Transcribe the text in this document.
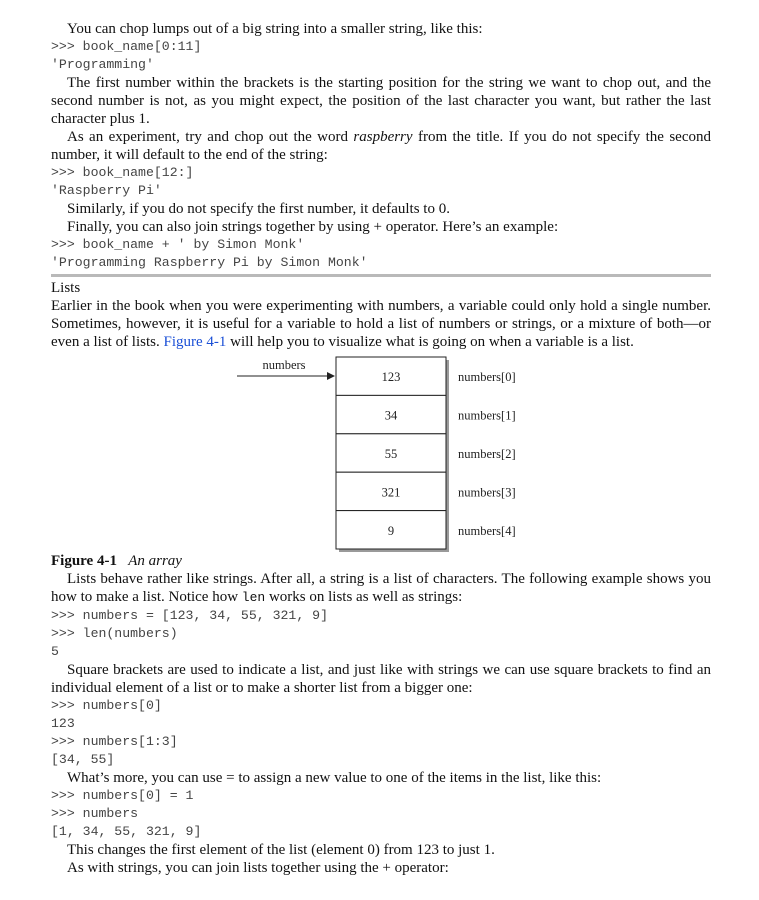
You can chop lumps out of a big string into a smaller string, like this:

>>> book_name[0:11]
'Programming'

The first number within the brackets is the starting position for the string we want to chop out, and the second number is not, as you might expect, the position of the last character you want, but rather the last character plus 1.

As an experiment, try and chop out the word raspberry from the title. If you do not specify the second number, it will default to the end of the string:

>>> book_name[12:]
'Raspberry Pi'

Similarly, if you do not specify the first number, it defaults to 0.

Finally, you can also join strings together by using + operator. Here’s an example:

>>> book_name + ' by Simon Monk'
'Programming Raspberry Pi by Simon Monk'
Lists

Earlier in the book when you were experimenting with numbers, a variable could only hold a single number. Sometimes, however, it is useful for a variable to hold a list of numbers or strings, or a mixture of both—or even a list of lists. Figure 4-1 will help you to visualize what is going on when a variable is a list.

123	numbers[0]
34	numbers[1]
55	numbers[2]
321	numbers[3]
9	numbers[4]
numbers
Figure 4-1 An array

Lists behave rather like strings. After all, a string is a list of characters. The following example shows you how to make a list. Notice how len works on lists as well as strings:

>>> numbers = [123, 34, 55, 321, 9]
>>> len(numbers)
5

Square brackets are used to indicate a list, and just like with strings we can use square brackets to find an individual element of a list or to make a shorter list from a bigger one:

>>> numbers[0]
123
>>> numbers[1:3]
[34, 55]

What’s more, you can use = to assign a new value to one of the items in the list, like this:

>>> numbers[0] = 1
>>> numbers
[1, 34, 55, 321, 9]

This changes the first element of the list (element 0) from 123 to just 1.

As with strings, you can join lists together using the + operator:
